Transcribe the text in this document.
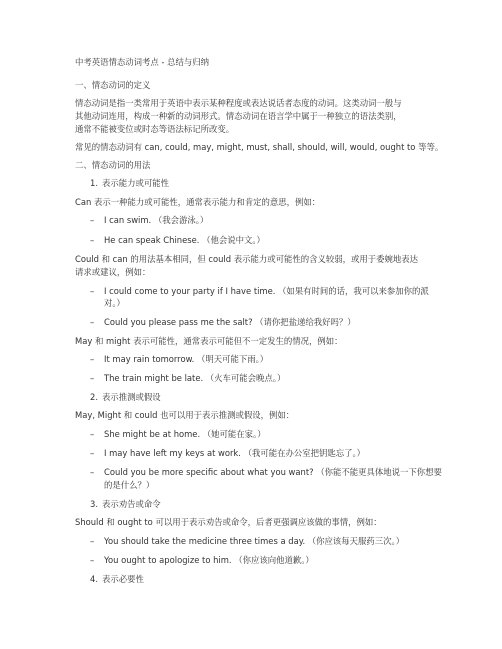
中考英语情态动词考点 - 总结与归纳
一、情态动词的定义
情态动词是指一类常用于英语中表示某种程度或表达说话者态度的动词。这类动词一般与
其他动词连用，构成一种新的动词形式。情态动词在语言学中属于一种独立的语法类别，
通常不能被变位或时态等语法标记所改变。
常见的情态动词有 can, could, may, might, must, shall, should, will, would, ought to 等等。
二、情态动词的用法
1. 表示能力或可能性
Can 表示一种能力或可能性，通常表示能力和肯定的意思，例如：
– I can swim. （我会游泳。）
– He can speak Chinese. （他会说中文。）
Could 和 can 的用法基本相同，但 could 表示能力或可能性的含义较弱，或用于委婉地表达
请求或建议，例如：
– I could come to your party if I have time. （如果有时间的话，我可以来参加你的派
对。）
– Could you please pass me the salt? （请你把盐递给我好吗？）
May 和 might 表示可能性，通常表示可能但不一定发生的情况，例如：
– It may rain tomorrow. （明天可能下雨。）
– The train might be late. （火车可能会晚点。）
2. 表示推测或假设
May, Might 和 could 也可以用于表示推测或假设，例如：
– She might be at home. （她可能在家。）
– I may have left my keys at work. （我可能在办公室把钥匙忘了。）
– Could you be more specific about what you want? （你能不能更具体地说一下你想要
的是什么？）
3. 表示劝告或命令
Should 和 ought to 可以用于表示劝告或命令，后者更强调应该做的事情，例如：
– You should take the medicine three times a day. （你应该每天服药三次。）
– You ought to apologize to him. （你应该向他道歉。）
4. 表示必要性
